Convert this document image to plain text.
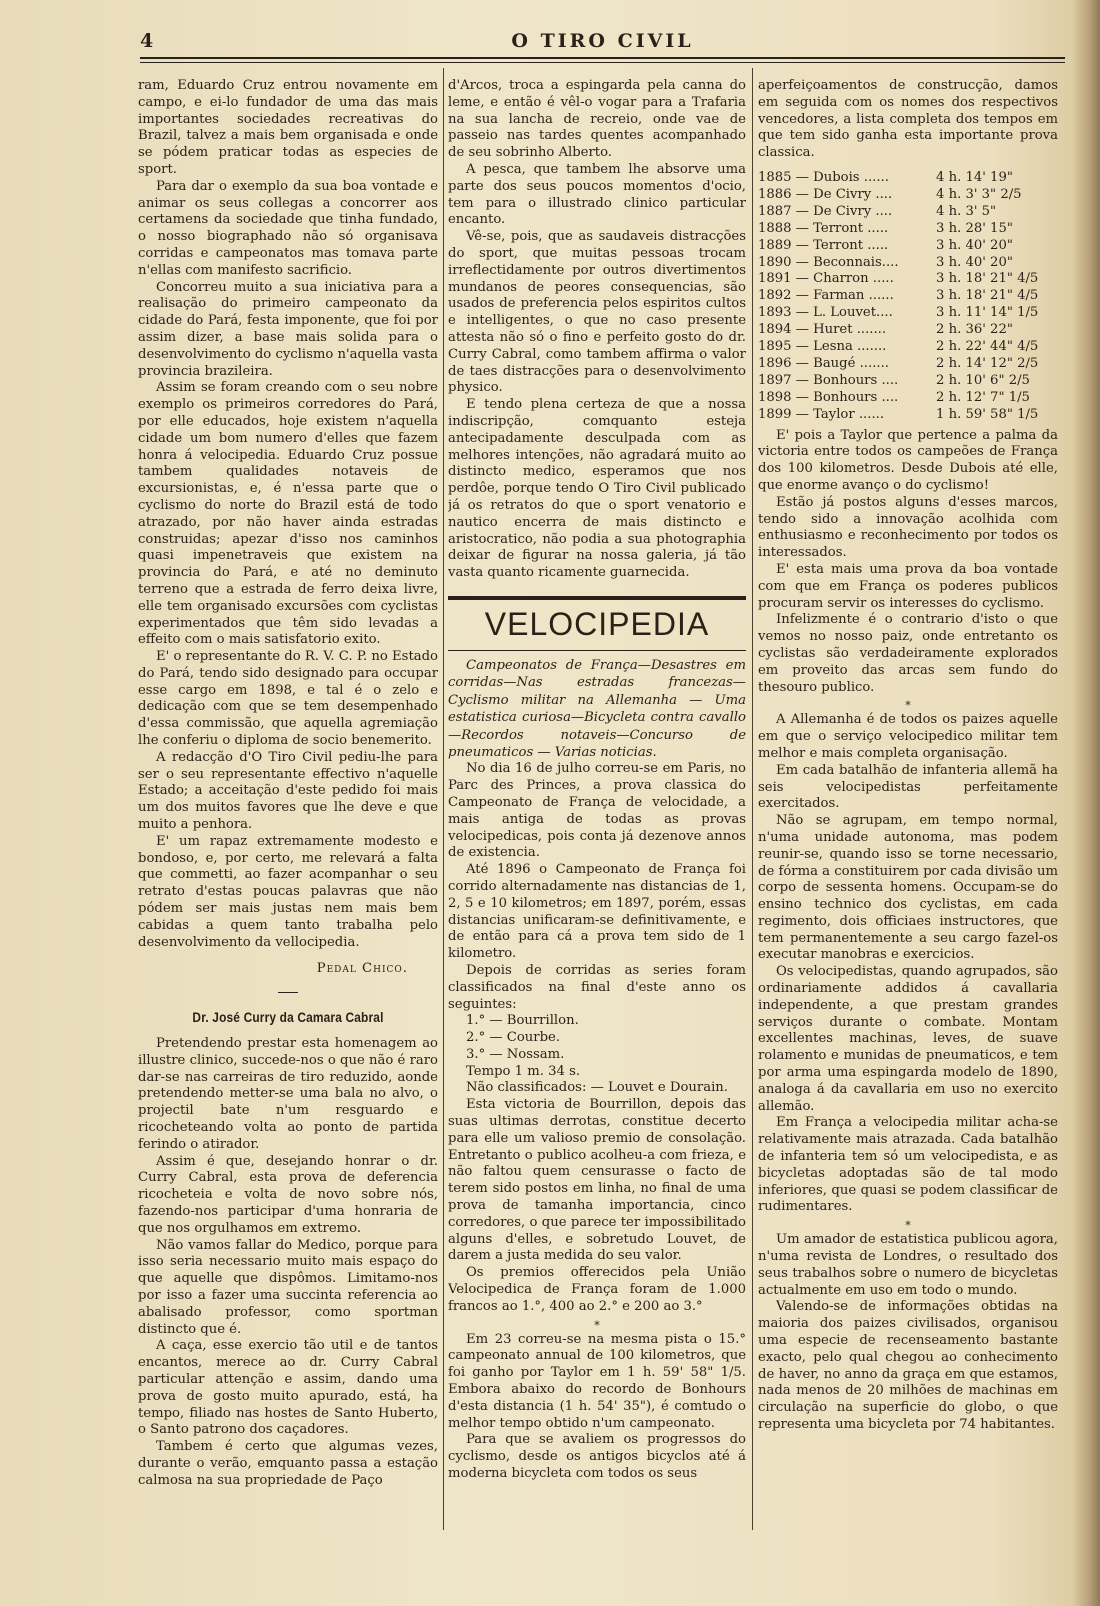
4	O TIRO CIVIL

ram, Eduardo Cruz entrou novamente em campo, e ei-lo fundador de uma das mais importantes sociedades recreativas do Brazil, talvez a mais bem organisada e onde se pódem praticar todas as especies de sport.

Para dar o exemplo da sua boa vontade e animar os seus collegas a concorrer aos certamens da sociedade que tinha fundado, o nosso biographado não só organisava corridas e campeonatos mas tomava parte n'ellas com manifesto sacrificio.

Concorreu muito a sua iniciativa para a realisação do primeiro campeonato da cidade do Pará, festa imponente, que foi por assim dizer, a base mais solida para o desenvolvimento do cyclismo n'aquella vasta provincia brazileira.

Assim se foram creando com o seu nobre exemplo os primeiros corredores do Pará, por elle educados, hoje existem n'aquella cidade um bom numero d'elles que fazem honra á velocipedia. Eduardo Cruz possue tambem qualidades notaveis de excursionistas, e, é n'essa parte que o cyclismo do norte do Brazil está de todo atrazado, por não haver ainda estradas construidas; apezar d'isso nos caminhos quasi impenetraveis que existem na provincia do Pará, e até no deminuto terreno que a estrada de ferro deixa livre, elle tem organisado excursões com cyclistas experimentados que têm sido levadas a effeito com o mais satisfatorio exito.

E' o representante do R. V. C. P. no Estado do Pará, tendo sido designado para occupar esse cargo em 1898, e tal é o zelo e dedicação com que se tem desempenhado d'essa commissão, que aquella agremiação lhe conferiu o diploma de socio benemerito.

A redacção d'O Tiro Civil pediu-lhe para ser o seu representante effectivo n'aquelle Estado; a acceitação d'este pedido foi mais um dos muitos favores que lhe deve e que muito a penhora.

E' um rapaz extremamente modesto e bondoso, e, por certo, me relevará a falta que commetti, ao fazer acompanhar o seu retrato d'estas poucas palavras que não pódem ser mais justas nem mais bem cabidas a quem tanto trabalha pelo desenvolvimento da vellocipedia.

Pedal Chico.

Dr. José Curry da Camara Cabral

Pretendendo prestar esta homenagem ao illustre clinico, succede-nos o que não é raro dar-se nas carreiras de tiro reduzido, aonde pretendendo metter-se uma bala no alvo, o projectil bate n'um resguardo e ricocheteando volta ao ponto de partida ferindo o atirador.

Assim é que, desejando honrar o dr. Curry Cabral, esta prova de deferencia ricocheteia e volta de novo sobre nós, fazendo-nos participar d'uma honraria de que nos orgulhamos em extremo.

Não vamos fallar do Medico, porque para isso seria necessario muito mais espaço do que aquelle que dispômos. Limitamo-nos por isso a fazer uma succinta referencia ao abalisado professor, como sportman distincto que é.

A caça, esse exercio tão util e de tantos encantos, merece ao dr. Curry Cabral particular attenção e assim, dando uma prova de gosto muito apurado, está, ha tempo, filiado nas hostes de Santo Huberto, o Santo patrono dos caçadores.

Tambem é certo que algumas vezes, durante o verão, emquanto passa a estação calmosa na sua propriedade de Paço

d'Arcos, troca a espingarda pela canna do leme, e então é vêl-o vogar para a Trafaria na sua lancha de recreio, onde vae de passeio nas tardes quentes acompanhado de seu sobrinho Alberto.

A pesca, que tambem lhe absorve uma parte dos seus poucos momentos d'ocio, tem para o illustrado clinico particular encanto.

Vê-se, pois, que as saudaveis distracções do sport, que muitas pessoas trocam irreflectidamente por outros divertimentos mundanos de peores consequencias, são usados de preferencia pelos espiritos cultos e intelligentes, o que no caso presente attesta não só o fino e perfeito gosto do dr. Curry Cabral, como tambem affirma o valor de taes distracções para o desenvolvimento physico.

E tendo plena certeza de que a nossa indiscripção, comquanto esteja antecipadamente desculpada com as melhores intenções, não agradará muito ao distincto medico, esperamos que nos perdôe, porque tendo O Tiro Civil publicado já os retratos do que o sport venatorio e nautico encerra de mais distincto e aristocratico, não podia a sua photographia deixar de figurar na nossa galeria, já tão vasta quanto ricamente guarnecida.

VELOCIPEDIA

Campeonatos de França—Desastres em corridas—Nas estradas francezas—Cyclismo militar na Allemanha — Uma estatistica curiosa—Bicycleta contra cavallo—Recordos notaveis—Concurso de pneumaticos — Varias noticias.

No dia 16 de julho correu-se em Paris, no Parc des Princes, a prova classica do Campeonato de França de velocidade, a mais antiga de todas as provas velocipedicas, pois conta já dezenove annos de existencia.

Até 1896 o Campeonato de França foi corrido alternadamente nas distancias de 1, 2, 5 e 10 kilometros; em 1897, porém, essas distancias unificaram-se definitivamente, e de então para cá a prova tem sido de 1 kilometro.

Depois de corridas as series foram classificados na final d'este anno os seguintes:

1.° — Bourrillon.

2.° — Courbe.

3.° — Nossam.

Tempo 1 m. 34 s.

Não classificados: — Louvet e Dourain.

Esta victoria de Bourrillon, depois das suas ultimas derrotas, constitue decerto para elle um valioso premio de consolação. Entretanto o publico acolheu-a com frieza, e não faltou quem censurasse o facto de terem sido postos em linha, no final de uma prova de tamanha importancia, cinco corredores, o que parece ter impossibilitado alguns d'elles, e sobretudo Louvet, de darem a justa medida do seu valor.

Os premios offerecidos pela União Velocipedica de França foram de 1.000 francos ao 1.°, 400 ao 2.° e 200 ao 3.°

*

Em 23 correu-se na mesma pista o 15.° campeonato annual de 100 kilometros, que foi ganho por Taylor em 1 h. 59' 58" 1/5. Embora abaixo do recordo de Bonhours d'esta distancia (1 h. 54' 35"), é comtudo o melhor tempo obtido n'um campeonato.

Para que se avaliem os progressos do cyclismo, desde os antigos bicyclos até á moderna bicycleta com todos os seus

aperfeiçoamentos de construcção, damos em seguida com os nomes dos respectivos vencedores, a lista completa dos tempos em que tem sido ganha esta importante prova classica.

1885 — Dubois ......	4 h. 14' 19"
1886 — De Civry ....	4 h. 3' 3" 2/5
1887 — De Civry ....	4 h. 3' 5"
1888 — Terront .....	3 h. 28' 15"
1889 — Terront .....	3 h. 40' 20"
1890 — Beconnais....	3 h. 40' 20"
1891 — Charron .....	3 h. 18' 21" 4/5
1892 — Farman ......	3 h. 18' 21" 4/5
1893 — L. Louvet....	3 h. 11' 14" 1/5
1894 — Huret .......	2 h. 36' 22"
1895 — Lesna .......	2 h. 22' 44" 4/5
1896 — Baugé .......	2 h. 14' 12" 2/5
1897 — Bonhours ....	2 h. 10' 6" 2/5
1898 — Bonhours ....	2 h. 12' 7" 1/5
1899 — Taylor ......	1 h. 59' 58" 1/5

E' pois a Taylor que pertence a palma da victoria entre todos os campeões de França dos 100 kilometros. Desde Dubois até elle, que enorme avanço o do cyclismo!

Estão já postos alguns d'esses marcos, tendo sido a innovação acolhida com enthusiasmo e reconhecimento por todos os interessados.

E' esta mais uma prova da boa vontade com que em França os poderes publicos procuram servir os interesses do cyclismo.

Infelizmente é o contrario d'isto o que vemos no nosso paiz, onde entretanto os cyclistas são verdadeiramente explorados em proveito das arcas sem fundo do thesouro publico.

*

A Allemanha é de todos os paizes aquelle em que o serviço velocipedico militar tem melhor e mais completa organisação.

Em cada batalhão de infanteria allemã ha seis velocipedistas perfeitamente exercitados.

Não se agrupam, em tempo normal, n'uma unidade autonoma, mas podem reunir-se, quando isso se torne necessario, de fórma a constituirem por cada divisão um corpo de sessenta homens. Occupam-se do ensino technico dos cyclistas, em cada regimento, dois officiaes instructores, que tem permanentemente a seu cargo fazel-os executar manobras e exercicios.

Os velocipedistas, quando agrupados, são ordinariamente addidos á cavallaria independente, a que prestam grandes serviços durante o combate. Montam excellentes machinas, leves, de suave rolamento e munidas de pneumaticos, e tem por arma uma espingarda modelo de 1890, analoga á da cavallaria em uso no exercito allemão.

Em França a velocipedia militar acha-se relativamente mais atrazada. Cada batalhão de infanteria tem só um velocipedista, e as bicycletas adoptadas são de tal modo inferiores, que quasi se podem classificar de rudimentares.

*

Um amador de estatistica publicou agora, n'uma revista de Londres, o resultado dos seus trabalhos sobre o numero de bicycletas actualmente em uso em todo o mundo.

Valendo-se de informações obtidas na maioria dos paizes civilisados, organisou uma especie de recenseamento bastante exacto, pelo qual chegou ao conhecimento de haver, no anno da graça em que estamos, nada menos de 20 milhões de machinas em circulação na superficie do globo, o que representa uma bicycleta por 74 habitantes.
